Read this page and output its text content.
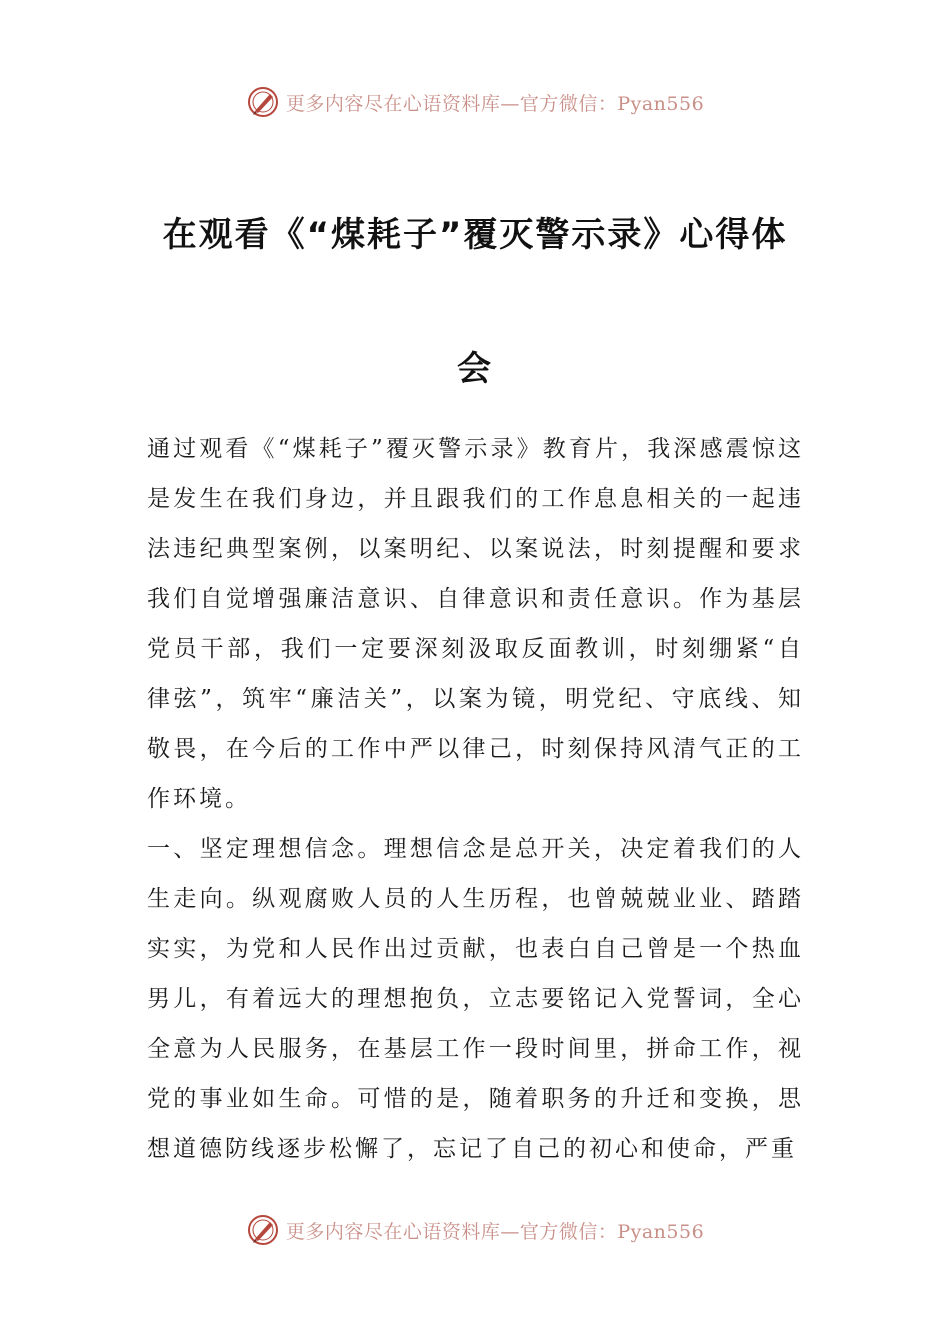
更多内容尽在心语资料库—官方微信：Pyan556
在观看《“煤耗子”覆灭警示录》心得体会

通过观看《“煤耗子”覆灭警示录》教育片，我深感震惊这是发生在我们身边，并且跟我们的工作息息相关的一起违法违纪典型案例，以案明纪、以案说法，时刻提醒和要求我们自觉增强廉洁意识、自律意识和责任意识。作为基层党员干部，我们一定要深刻汲取反面教训，时刻绷紧“自律弦”，筑牢“廉洁关”，以案为镜，明党纪、守底线、知敬畏，在今后的工作中严以律己，时刻保持风清气正的工作环境。

一、坚定理想信念。理想信念是总开关，决定着我们的人生走向。纵观腐败人员的人生历程，也曾兢兢业业、踏踏实实，为党和人民作出过贡献，也表白自己曾是一个热血男儿，有着远大的理想抱负，立志要铭记入党誓词，全心全意为人民服务，在基层工作一段时间里，拼命工作，视党的事业如生命。可惜的是，随着职务的升迁和变换，思想道德防线逐步松懈了，忘记了自己的初心和使命，严重

更多内容尽在心语资料库—官方微信：Pyan556
